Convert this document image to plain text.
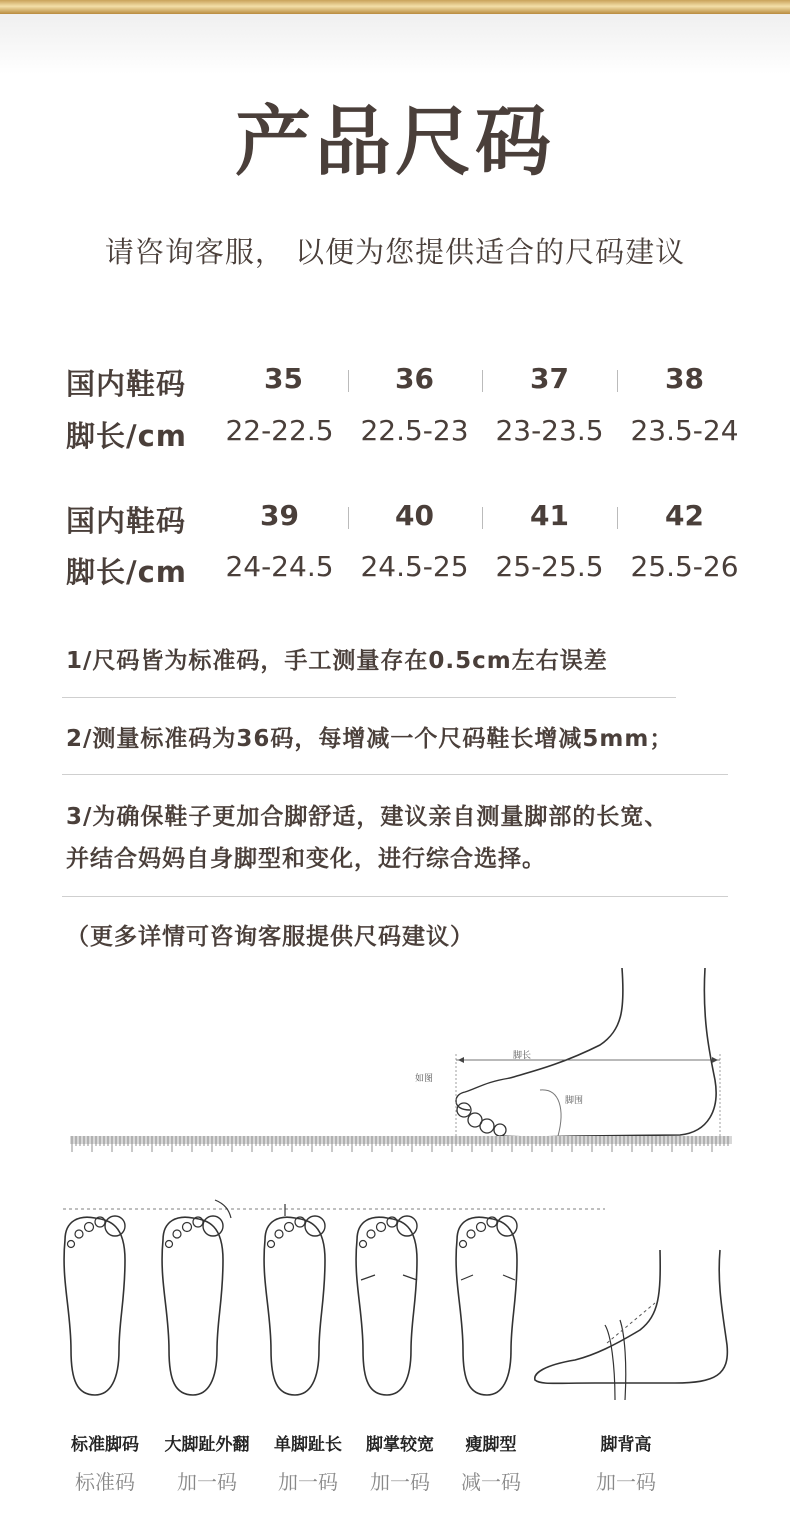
产品尺码
请咨询客服， 以便为您提供适合的尺码建议
国内鞋码	35	36	37	38
脚长/cm	22-22.5 22.5-23 23-23.5 23.5-24
国内鞋码	39	40	41	42
脚长/cm	24-24.5 24.5-25 25-25.5 25.5-26
1/尺码皆为标准码，手工测量存在0.5cm左右误差
2/测量标准码为36码，每增减一个尺码鞋长增减5mm；
3/为确保鞋子更加合脚舒适，建议亲自测量脚部的长宽、
并结合妈妈自身脚型和变化，进行综合选择。
（更多详情可咨询客服提供尺码建议）
脚长
如图
脚围
标准脚码
标准码
大脚趾外翻
加一码
单脚趾长
加一码
脚掌较宽
加一码
瘦脚型
减一码
脚背高
加一码
